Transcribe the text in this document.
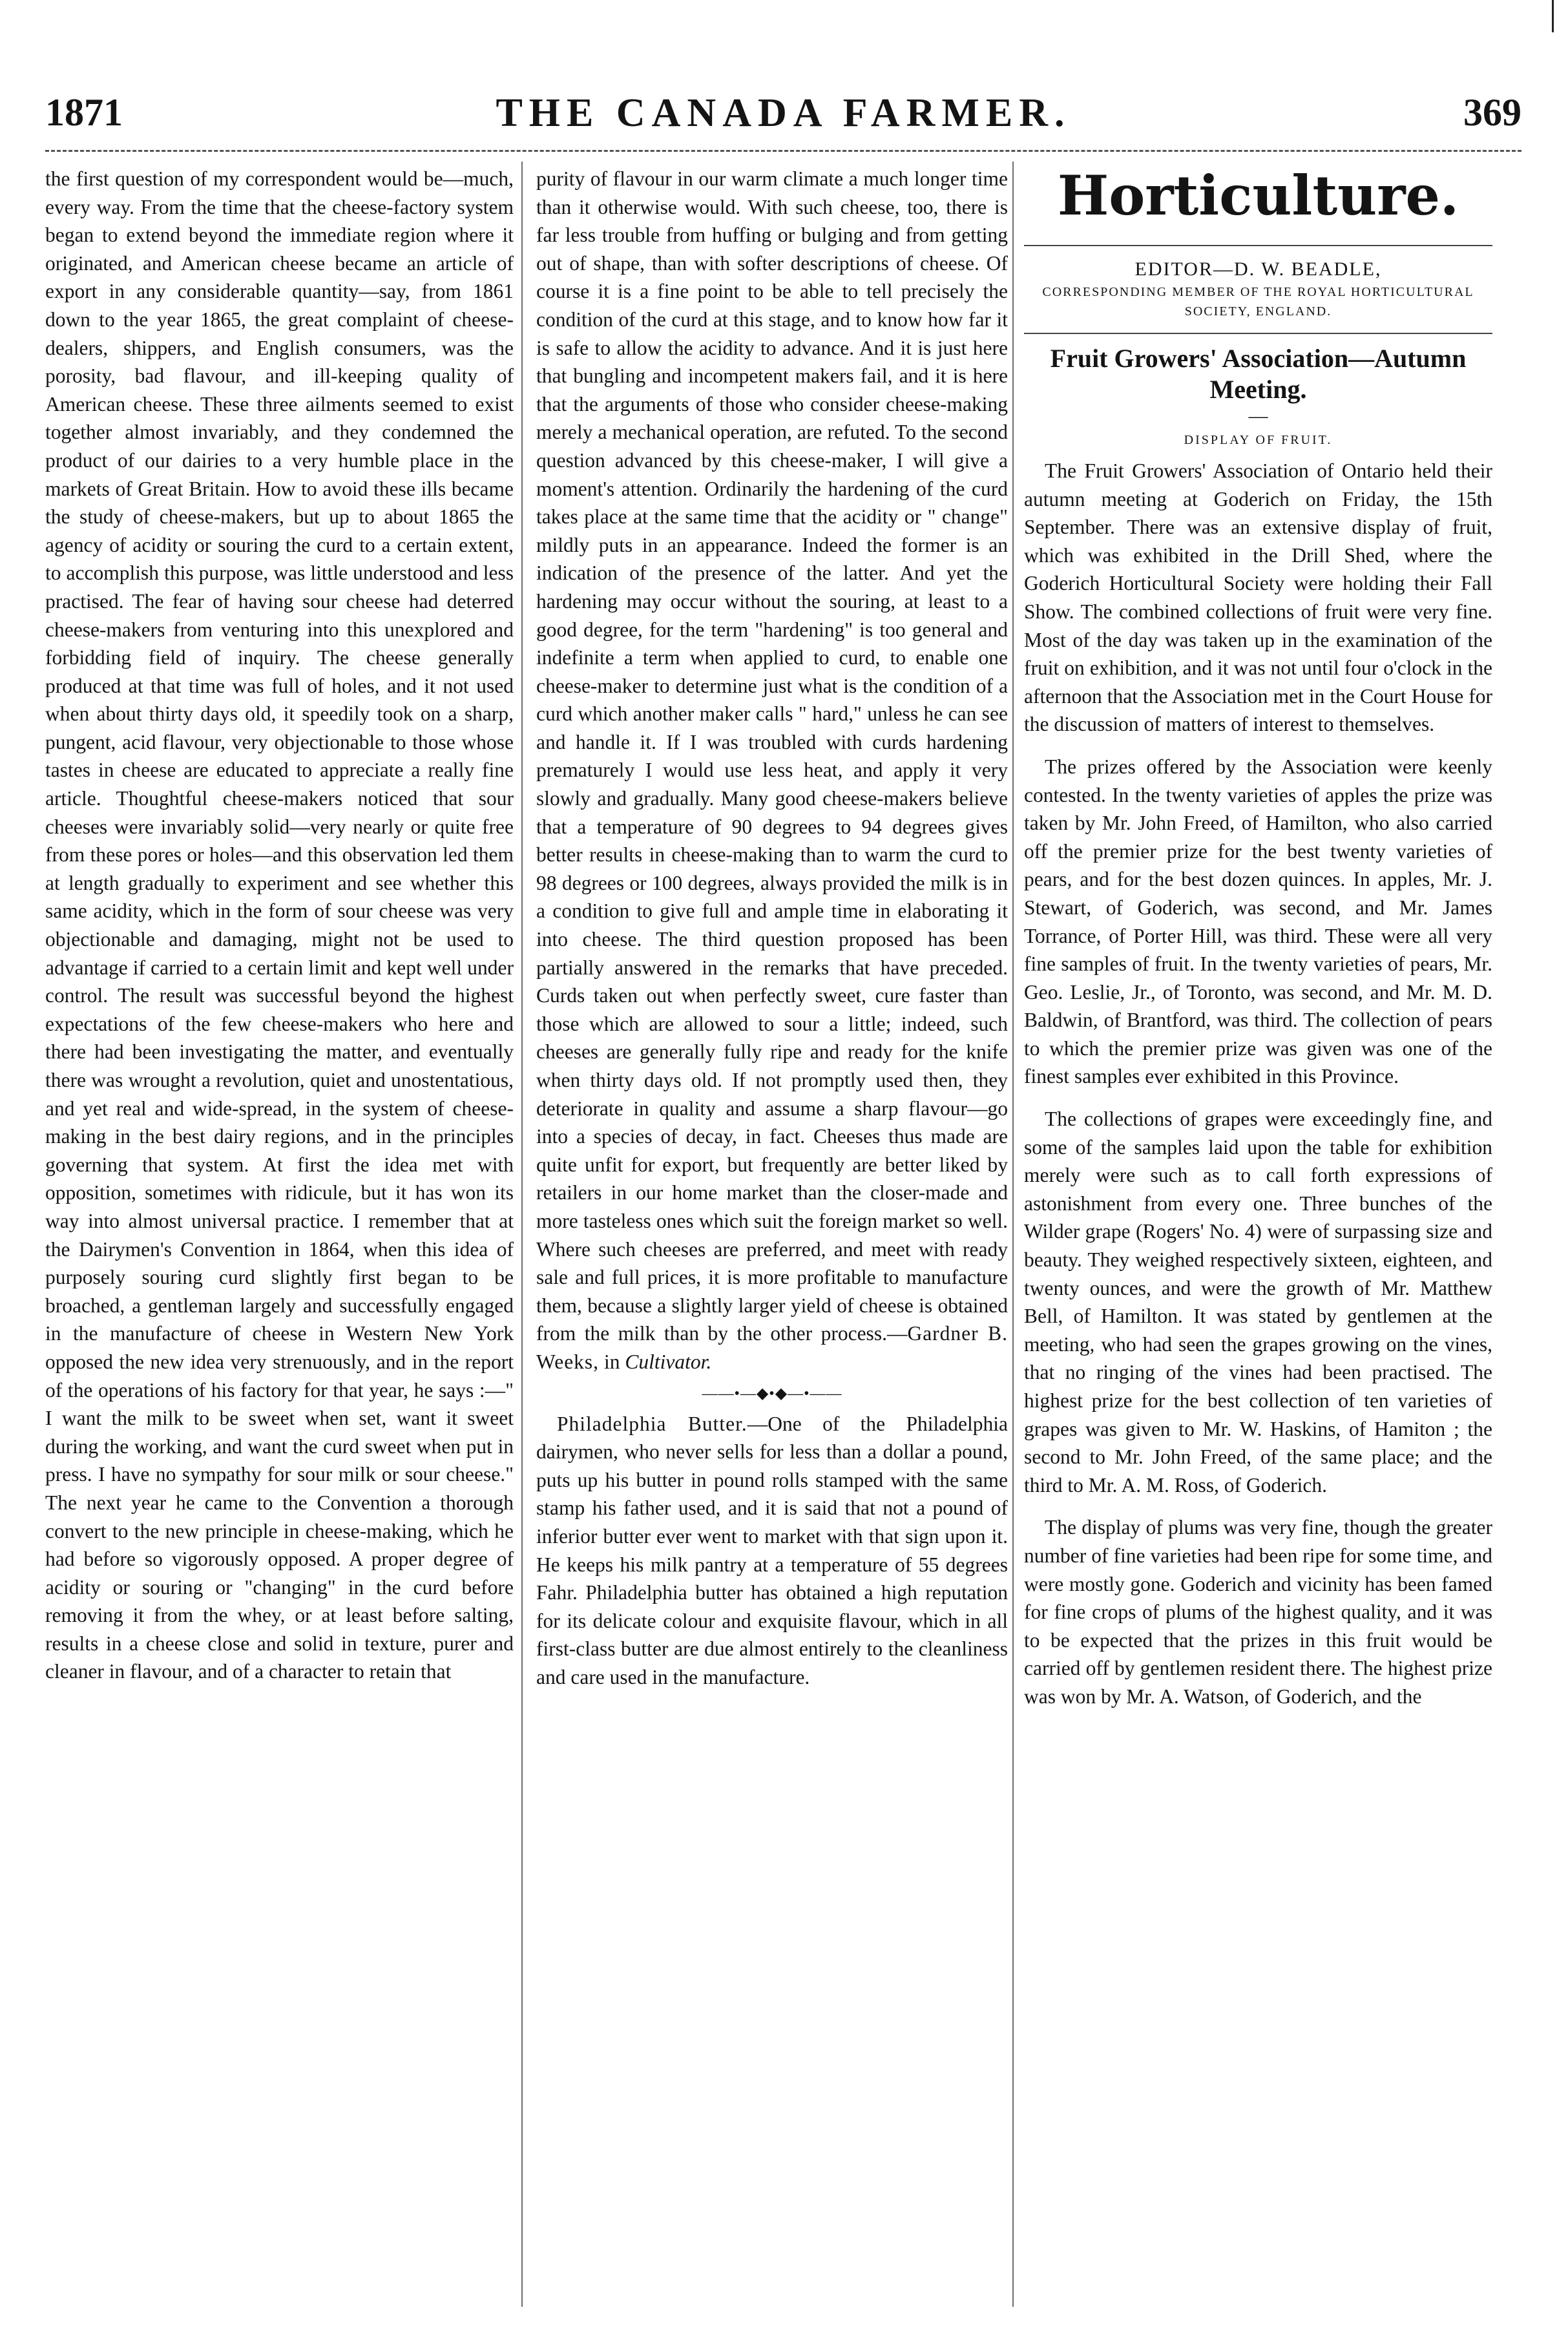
1871	THE CANADA FARMER.	369

the first question of my correspondent would be—much, every way. From the time that the cheese-factory system began to extend beyond the immediate region where it originated, and American cheese became an article of export in any considerable quantity—say, from 1861 down to the year 1865, the great complaint of cheese-dealers, shippers, and English consumers, was the porosity, bad flavour, and ill-keeping quality of American cheese. These three ailments seemed to exist together almost invariably, and they condemned the product of our dairies to a very humble place in the markets of Great Britain. How to avoid these ills became the study of cheese-makers, but up to about 1865 the agency of acidity or souring the curd to a certain extent, to accomplish this purpose, was little understood and less practised. The fear of having sour cheese had deterred cheese-makers from venturing into this unexplored and forbidding field of inquiry. The cheese generally produced at that time was full of holes, and it not used when about thirty days old, it speedily took on a sharp, pungent, acid flavour, very objectionable to those whose tastes in cheese are educated to appreciate a really fine article. Thoughtful cheese-makers noticed that sour cheeses were invariably solid—very nearly or quite free from these pores or holes—and this observation led them at length gradually to experiment and see whether this same acidity, which in the form of sour cheese was very objectionable and damaging, might not be used to advantage if carried to a certain limit and kept well under control. The result was successful beyond the highest expectations of the few cheese-makers who here and there had been investigating the matter, and eventually there was wrought a revolution, quiet and unostentatious, and yet real and wide-spread, in the system of cheese-making in the best dairy regions, and in the principles governing that system. At first the idea met with opposition, sometimes with ridicule, but it has won its way into almost universal practice. I remember that at the Dairymen's Convention in 1864, when this idea of purposely souring curd slightly first began to be broached, a gentleman largely and successfully engaged in the manufacture of cheese in Western New York opposed the new idea very strenuously, and in the report of the operations of his factory for that year, he says :—" I want the milk to be sweet when set, want it sweet during the working, and want the curd sweet when put in press. I have no sympathy for sour milk or sour cheese." The next year he came to the Convention a thorough convert to the new principle in cheese-making, which he had before so vigorously opposed. A proper degree of acidity or souring or "changing" in the curd before removing it from the whey, or at least before salting, results in a cheese close and solid in texture, purer and cleaner in flavour, and of a character to retain that

purity of flavour in our warm climate a much longer time than it otherwise would. With such cheese, too, there is far less trouble from huffing or bulging and from getting out of shape, than with softer descriptions of cheese. Of course it is a fine point to be able to tell precisely the condition of the curd at this stage, and to know how far it is safe to allow the acidity to advance. And it is just here that bungling and incompetent makers fail, and it is here that the arguments of those who consider cheese-making merely a mechanical operation, are refuted. To the second question advanced by this cheese-maker, I will give a moment's attention. Ordinarily the hardening of the curd takes place at the same time that the acidity or " change" mildly puts in an appearance. Indeed the former is an indication of the presence of the latter. And yet the hardening may occur without the souring, at least to a good degree, for the term "hardening" is too general and indefinite a term when applied to curd, to enable one cheese-maker to determine just what is the condition of a curd which another maker calls " hard," unless he can see and handle it. If I was troubled with curds hardening prematurely I would use less heat, and apply it very slowly and gradually. Many good cheese-makers believe that a temperature of 90 degrees to 94 degrees gives better results in cheese-making than to warm the curd to 98 degrees or 100 degrees, always provided the milk is in a condition to give full and ample time in elaborating it into cheese. The third question proposed has been partially answered in the remarks that have preceded. Curds taken out when perfectly sweet, cure faster than those which are allowed to sour a little; indeed, such cheeses are generally fully ripe and ready for the knife when thirty days old. If not promptly used then, they deteriorate in quality and assume a sharp flavour—go into a species of decay, in fact. Cheeses thus made are quite unfit for export, but frequently are better liked by retailers in our home market than the closer-made and more tasteless ones which suit the foreign market so well. Where such cheeses are preferred, and meet with ready sale and full prices, it is more profitable to manufacture them, because a slightly larger yield of cheese is obtained from the milk than by the other process.—Gardner B. Weeks, in Cultivator.

——•—◆•◆—•——

Philadelphia Butter.—One of the Philadelphia dairymen, who never sells for less than a dollar a pound, puts up his butter in pound rolls stamped with the same stamp his father used, and it is said that not a pound of inferior butter ever went to market with that sign upon it. He keeps his milk pantry at a temperature of 55 degrees Fahr. Philadelphia butter has obtained a high reputation for its delicate colour and exquisite flavour, which in all first-class butter are due almost entirely to the cleanliness and care used in the manufacture.

Horticulture.
EDITOR—D. W. BEADLE,
CORRESPONDING MEMBER OF THE ROYAL HORTICULTURAL SOCIETY, ENGLAND.
Fruit Growers' Association—Autumn Meeting.
—
DISPLAY OF FRUIT.

The Fruit Growers' Association of Ontario held their autumn meeting at Goderich on Friday, the 15th September. There was an extensive display of fruit, which was exhibited in the Drill Shed, where the Goderich Horticultural Society were holding their Fall Show. The combined collections of fruit were very fine. Most of the day was taken up in the examination of the fruit on exhibition, and it was not until four o'clock in the afternoon that the Association met in the Court House for the discussion of matters of interest to themselves.

The prizes offered by the Association were keenly contested. In the twenty varieties of apples the prize was taken by Mr. John Freed, of Hamilton, who also carried off the premier prize for the best twenty varieties of pears, and for the best dozen quinces. In apples, Mr. J. Stewart, of Goderich, was second, and Mr. James Torrance, of Porter Hill, was third. These were all very fine samples of fruit. In the twenty varieties of pears, Mr. Geo. Leslie, Jr., of Toronto, was second, and Mr. M. D. Baldwin, of Brantford, was third. The collection of pears to which the premier prize was given was one of the finest samples ever exhibited in this Province.

The collections of grapes were exceedingly fine, and some of the samples laid upon the table for exhibition merely were such as to call forth expressions of astonishment from every one. Three bunches of the Wilder grape (Rogers' No. 4) were of surpassing size and beauty. They weighed respectively sixteen, eighteen, and twenty ounces, and were the growth of Mr. Matthew Bell, of Hamilton. It was stated by gentlemen at the meeting, who had seen the grapes growing on the vines, that no ringing of the vines had been practised. The highest prize for the best collection of ten varieties of grapes was given to Mr. W. Haskins, of Hamiton ; the second to Mr. John Freed, of the same place; and the third to Mr. A. M. Ross, of Goderich.

The display of plums was very fine, though the greater number of fine varieties had been ripe for some time, and were mostly gone. Goderich and vicinity has been famed for fine crops of plums of the highest quality, and it was to be expected that the prizes in this fruit would be carried off by gentlemen resident there. The highest prize was won by Mr. A. Watson, of Goderich, and the
